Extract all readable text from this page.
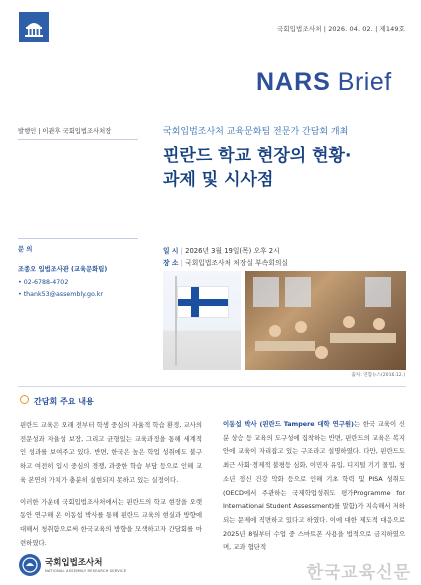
국회입법조사처 | 2026. 04. 02. | 제149호
NARS Brief
발행인 | 이관후 국회입법조사처장
문 의
조종오 입법조사관 (교육문화팀)
• 02-6788-4702
• thank53@assembly.go.kr
국회입법조사처 교육문화팀 전문가 간담회 개최
핀란드 학교 현장의 현황·
과제 및 시사점
일 시 | 2026년 3월 19일(목) 오후 2시
장 소 | 국회입법조사처 처장실 부속회의실
출처: 연합뉴스(2016.12.)
간담회 주요 내용

핀란드 교육은 오래 전부터 학생 중심의 자율적 학습 환경, 교사의 전문성과 자율성 보장, 그리고 균형있는 교육과정을 통해 세계적인 성과를 보여주고 있다. 반면, 한국은 높은 학업 성취에도 불구하고 여전히 입시 중심의 경쟁, 과중한 학습 부담 등으로 인해 교육 본연의 가치가 충분히 실현되지 못하고 있는 실정이다.

이러한 가운데 국회입법조사처에서는 핀란드의 학교 현장을 오랫동안 연구해 온 이동섭 박사를 통해 핀란드 교육의 현실과 방향에 대해서 청취함으로써 한국교육의 방향을 모색하고자 간담회를 마련하였다.

이동섭 박사 (핀란드 Tampere 대학 연구원)는 한국 교육이 신분 상승 등 교육의 도구성에 집착하는 반면, 핀란드의 교육은 복지 안에 교육이 자리잡고 있는 구조라고 설명하였다. 다만, 핀란드도 최근 사회·경제적 불평등 심화, 이민자 유입, 디지털 기기 몰입, 청소년 정신 건강 악화 등으로 인해 기초 학력 및 PISA 성취도(OECD에서 주관하는 국제학업성취도 평가Programme for International Student Assessment)를 말함)가 지속해서 저하되는 문제에 직면하고 있다고 하였다. 이에 대한 제도적 대응으로 2025년 8월부터 수업 중 스마트폰 사용을 법적으로 금지하였으며, 교과 협단적

국회입법조사처
NATIONAL ASSEMBLY RESEARCH SERVICE	한국교육신문
